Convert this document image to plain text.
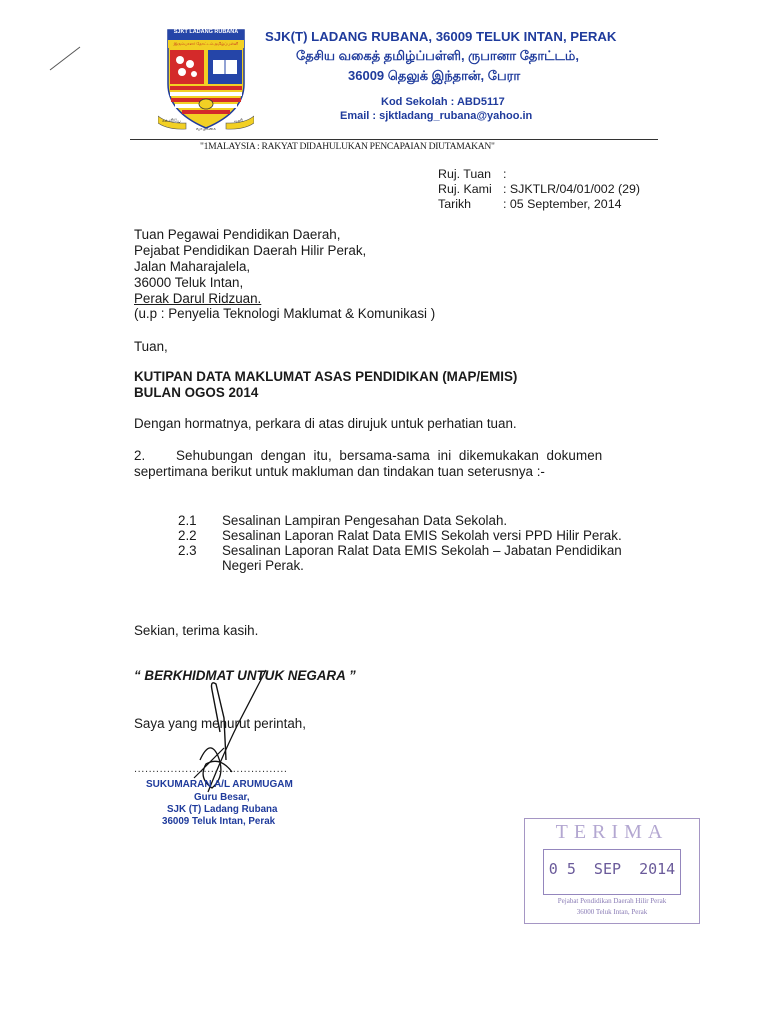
SJKT LADANG RUBANA
இரும்பாளர் தோட்டம் தமிழ்ப்பள்ளி
கல்வியே	ஒளி
வாழ்க்கை
SJK(T) LADANG RUBANA, 36009 TELUK INTAN, PERAK
தேசிய வகைத் தமிழ்ப்பள்ளி, ருபானா தோட்டம்,
36009 தெலுக் இந்தான், பேரா
Kod Sekolah : ABD5117
Email : sjktladang_rubana@yahoo.in
"1MALAYSIA : RAKYAT DIDAHULUKAN PENCAPAIAN DIUTAMAKAN"
Ruj. Tuan :
Ruj. Kami : SJKTLR/04/01/002 (29)
Tarikh	: 05 September, 2014
Tuan Pegawai Pendidikan Daerah,
Pejabat Pendidikan Daerah Hilir Perak,
Jalan Maharajalela,
36000 Teluk Intan,
Perak Darul Ridzuan.
(u.p : Penyelia Teknologi Maklumat & Komunikasi )
Tuan,
KUTIPAN DATA MAKLUMAT ASAS PENDIDIKAN (MAP/EMIS)
BULAN OGOS 2014
Dengan hormatnya, perkara di atas dirujuk untuk perhatian tuan.
2. Sehubungan  dengan  itu,  bersama-sama  ini  dikemukakan  dokumen
sepertimana berikut untuk makluman dan tindakan tuan seterusnya :-
2.1 Sesalinan Lampiran Pengesahan Data Sekolah.
2.2 Sesalinan Laporan Ralat Data EMIS Sekolah versi PPD Hilir Perak.
2.3 Sesalinan Laporan Ralat Data EMIS Sekolah – Jabatan Pendidikan
Negeri Perak.
Sekian, terima kasih.
“ BERKHIDMAT UNTUK NEGARA ”
Saya yang menurut perintah,
..........................................
SUKUMARAN A/L ARUMUGAM
Guru Besar,
SJK (T) Ladang Rubana
36009 Teluk Intan, Perak	TERIMA
0 5  SEP  2014
Pejabat Pendidikan Daerah Hilir Perak
36000 Teluk Intan, Perak
